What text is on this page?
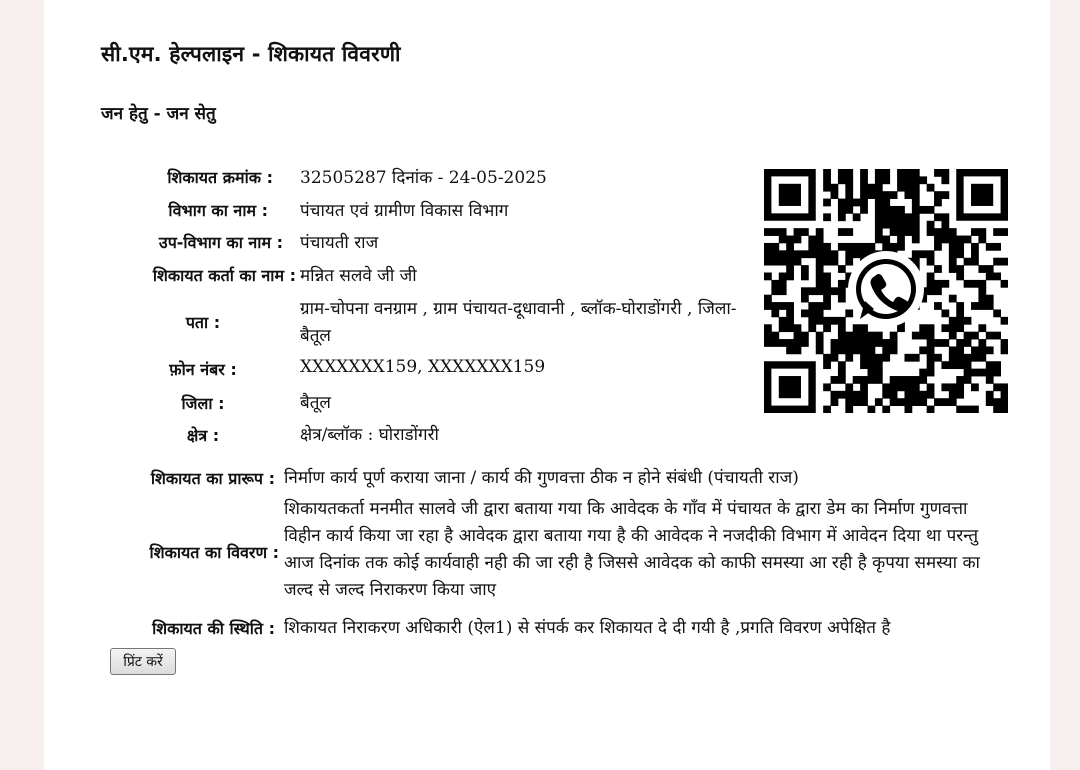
सी.एम. हेल्पलाइन - शिकायत विवरणी
जन हेतु - जन सेतु
शिकायत क्रमांक : 32505287 दिनांक - 24-05-2025
विभाग का नाम : पंचायत एवं ग्रामीण विकास विभाग
उप-विभाग का नाम : पंचायती राज
शिकायत कर्ता का नाम : मन्नित सलवे जी जी
पता :
ग्राम-चोपना वनग्राम , ग्राम पंचायत-दूधावानी , ब्लॉक-घोराडोंगरी , जिला-बैतूल
फ़ोन नंबर :	XXXXXXX159, XXXXXXX159
जिला :	बैतूल
क्षेत्र :	क्षेत्र/ब्लॉक : घोराडोंगरी
शिकायत का प्रारूप : निर्माण कार्य पूर्ण कराया जाना / कार्य की गुणवत्ता ठीक न होने संबंधी (पंचायती राज)
शिकायत का विवरण :
शिकायतकर्ता मनमीत सालवे जी द्वारा बताया गया कि आवेदक के गाँव में पंचायत के द्वारा डेम का निर्माण गुणवत्ता विहीन कार्य किया जा रहा है आवेदक द्वारा बताया गया है की आवेदक ने नजदीकी विभाग में आवेदन दिया था परन्तु आज दिनांक तक कोई कार्यवाही नही की जा रही है जिससे आवेदक को काफी समस्या आ रही है कृपया समस्या का जल्द से जल्द निराकरण किया जाए
शिकायत की स्थिति : शिकायत निराकरण अधिकारी (ऐल1) से संपर्क कर शिकायत दे दी गयी है ,प्रगति विवरण अपेक्षित है
प्रिंट करें
